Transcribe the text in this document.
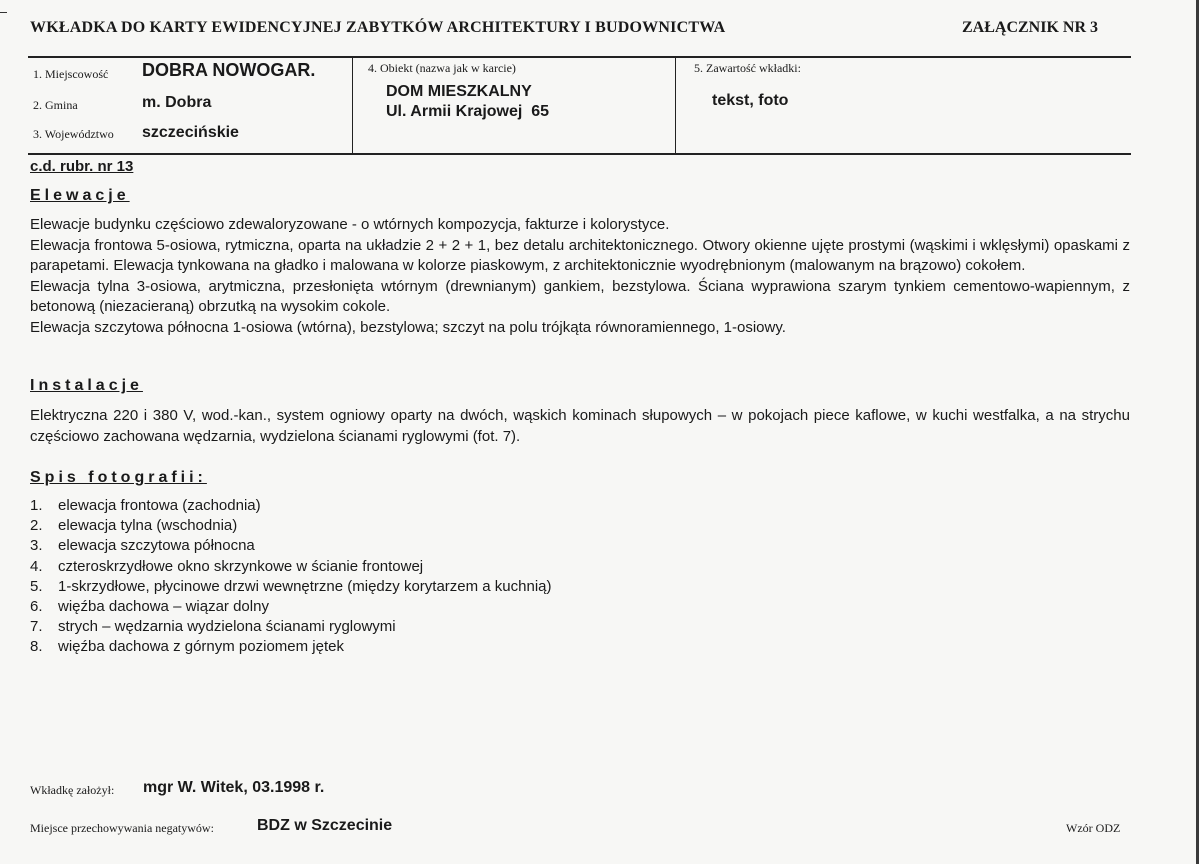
WKŁADKA DO KARTY EWIDENCYJNEJ ZABYTKÓW ARCHITEKTURY I BUDOWNICTWA	ZAŁĄCZNIK NR 3
1. Miejscowość DOBRA NOWOGAR.
2. Gmina	m. Dobra
3. Województwo szczecińskie
4. Obiekt (nazwa jak w karcie)
DOM MIESZKALNY
Ul. Armii Krajowej  65
5. Zawartość wkładki:
tekst, foto
c.d. rubr. nr 13
Elewacje

Elewacje budynku częściowo zdewaloryzowane - o wtórnych kompozycja, fakturze i kolorystyce.

Elewacja frontowa 5-osiowa, rytmiczna, oparta na układzie 2 + 2 + 1, bez detalu architektonicznego. Otwory okienne ujęte prostymi (wąskimi i wklęsłymi) opaskami z parapetami. Elewacja tynkowana na gładko i malowana w kolorze piaskowym, z architektonicznie wyodrębnionym (malowanym na brązowo) cokołem.

Elewacja tylna 3-osiowa, arytmiczna, przesłonięta wtórnym (drewnianym) gankiem, bezstylowa. Ściana wyprawiona szarym tynkiem cementowo-wapiennym, z betonową (niezacieraną) obrzutką na wysokim cokole.

Elewacja szczytowa północna 1-osiowa (wtórna), bezstylowa; szczyt na polu trójkąta równoramiennego, 1-osiowy.

Instalacje
Elektryczna 220 i 380 V, wod.-kan., system ogniowy oparty na dwóch, wąskich kominach słupowych – w pokojach piece kaflowe, w kuchi westfalka, a na strychu częściowo zachowana wędzarnia, wydzielona ścianami ryglowymi (fot. 7).
Spis fotografii:
1. elewacja frontowa (zachodnia)
2. elewacja tylna (wschodnia)
3. elewacja szczytowa północna
4. czteroskrzydłowe okno skrzynkowe w ścianie frontowej
5. 1-skrzydłowe, płycinowe drzwi wewnętrzne (między korytarzem a kuchnią)
6. więźba dachowa – wiązar dolny
7. strych – wędzarnia wydzielona ścianami ryglowymi
8. więźba dachowa z górnym poziomem jętek
Wkładkę założył: mgr W. Witek, 03.1998 r.
Miejsce przechowywania negatywów:	BDZ w Szczecinie	Wzór ODZ
